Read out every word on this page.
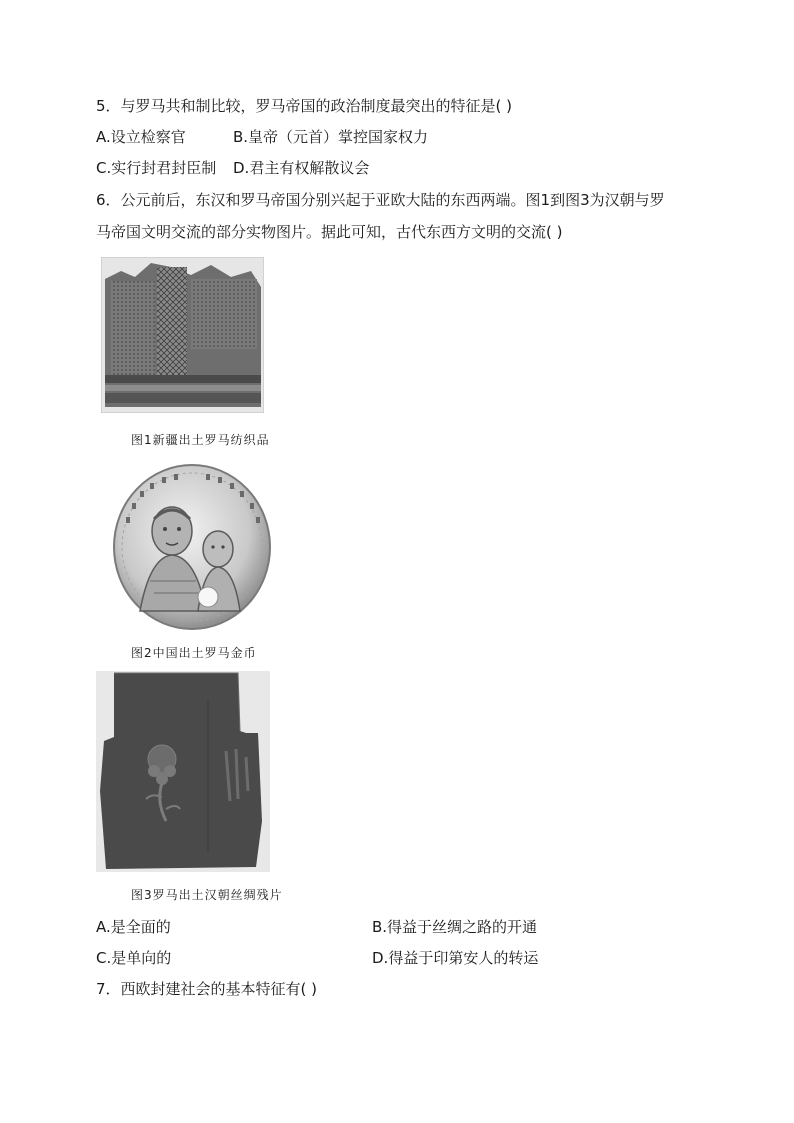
5．与罗马共和制比较，罗马帝国的政治制度最突出的特征是( )
A.设立检察官	B.皇帝（元首）掌控国家权力
C.实行封君封臣制 D.君主有权解散议会
6．公元前后，东汉和罗马帝国分别兴起于亚欧大陆的东西两端。图1到图3为汉朝与罗
马帝国文明交流的部分实物图片。据此可知，古代东西方文明的交流( )
图1新疆出土罗马纺织品
图2中国出土罗马金币
图3罗马出土汉朝丝绸残片
A.是全面的	B.得益于丝绸之路的开通
C.是单向的	D.得益于印第安人的转运
7．西欧封建社会的基本特征有( )
